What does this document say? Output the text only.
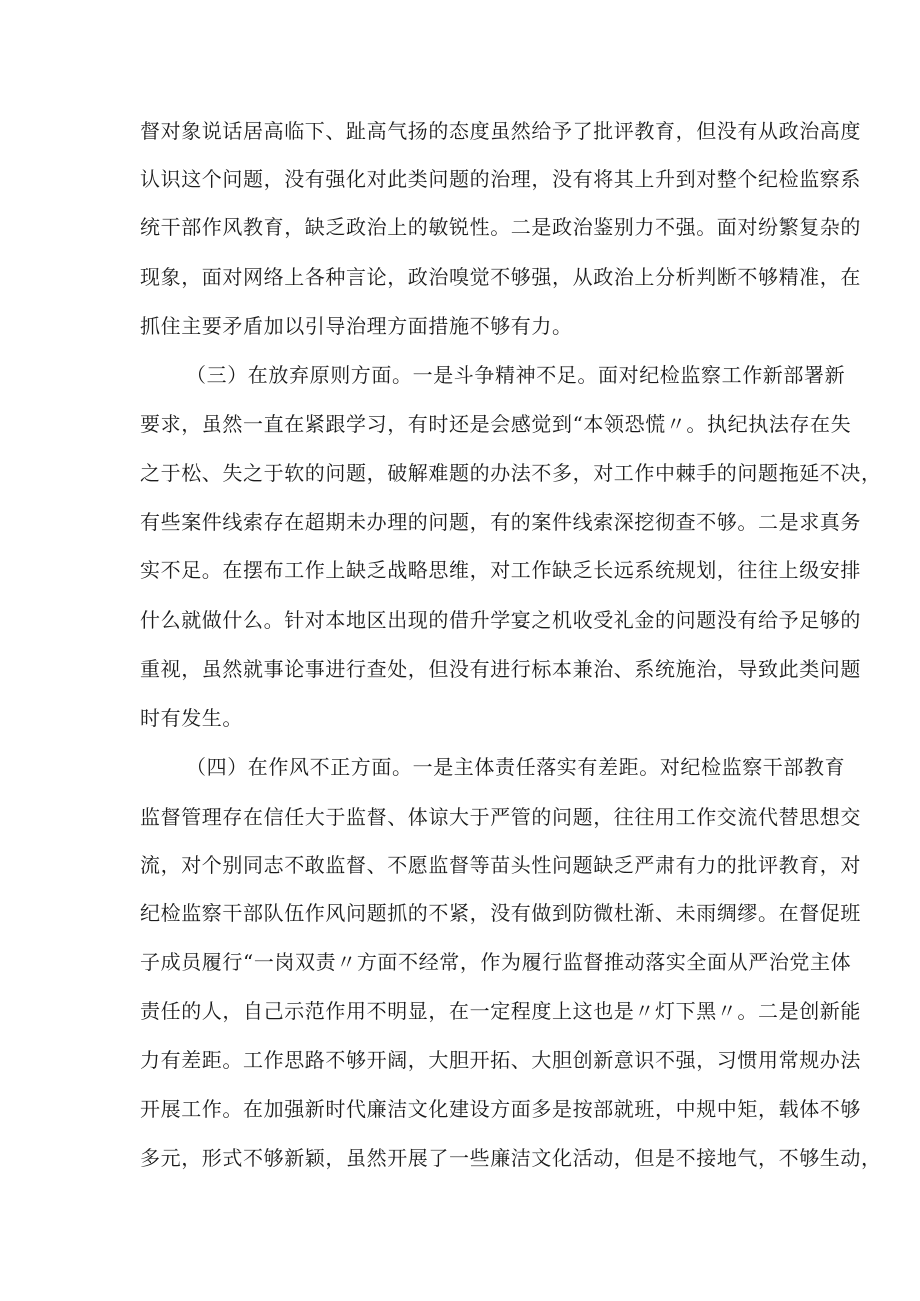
督对象说话居高临下、趾高气扬的态度虽然给予了批评教育，但没有从政治高度

认识这个问题，没有强化对此类问题的治理，没有将其上升到对整个纪检监察系

统干部作风教育，缺乏政治上的敏锐性。二是政治鉴别力不强。面对纷繁复杂的

现象，面对网络上各种言论，政治嗅觉不够强，从政治上分析判断不够精准，在

抓住主要矛盾加以引导治理方面措施不够有力。

（三）在放弃原则方面。一是斗争精神不足。面对纪检监察工作新部署新

要求，虽然一直在紧跟学习，有时还是会感觉到“本领恐慌〃。执纪执法存在失

之于松、失之于软的问题，破解难题的办法不多，对工作中棘手的问题拖延不决，

有些案件线索存在超期未办理的问题，有的案件线索深挖彻查不够。二是求真务

实不足。在摆布工作上缺乏战略思维，对工作缺乏长远系统规划，往往上级安排

什么就做什么。针对本地区出现的借升学宴之机收受礼金的问题没有给予足够的

重视，虽然就事论事进行查处，但没有进行标本兼治、系统施治，导致此类问题

时有发生。

（四）在作风不正方面。一是主体责任落实有差距。对纪检监察干部教育

监督管理存在信任大于监督、体谅大于严管的问题，往往用工作交流代替思想交

流，对个别同志不敢监督、不愿监督等苗头性问题缺乏严肃有力的批评教育，对

纪检监察干部队伍作风问题抓的不紧，没有做到防微杜渐、未雨绸缪。在督促班

子成员履行“一岗双责〃方面不经常，作为履行监督推动落实全面从严治党主体

责任的人，自己示范作用不明显，在一定程度上这也是〃灯下黑〃。二是创新能

力有差距。工作思路不够开阔，大胆开拓、大胆创新意识不强，习惯用常规办法

开展工作。在加强新时代廉洁文化建设方面多是按部就班，中规中矩，载体不够

多元，形式不够新颖，虽然开展了一些廉洁文化活动，但是不接地气，不够生动，
